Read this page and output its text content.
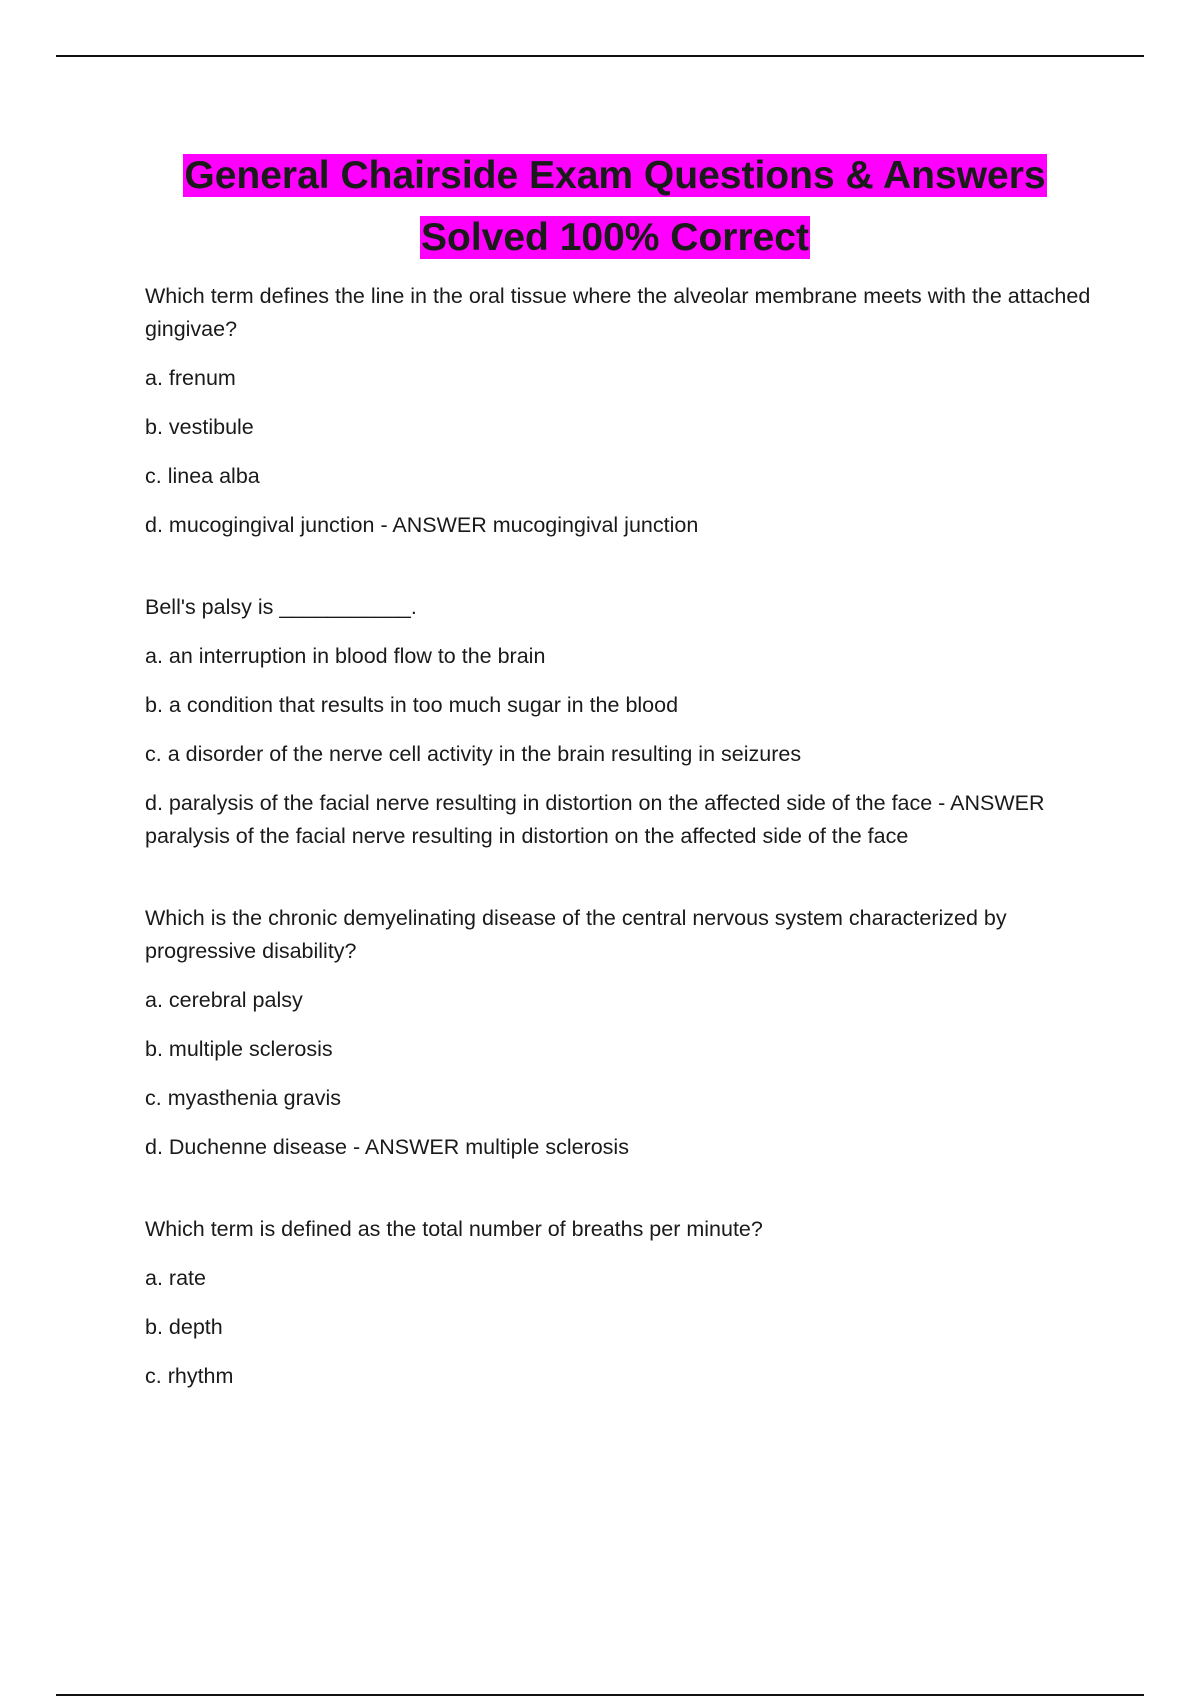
General Chairside Exam Questions & Answers
Solved 100% Correct

Which term defines the line in the oral tissue where the alveolar membrane meets with the attached gingivae?

a. frenum

b. vestibule

c. linea alba

d. mucogingival junction - ANSWER mucogingival junction

Bell's palsy is ___________.

a. an interruption in blood flow to the brain

b. a condition that results in too much sugar in the blood

c. a disorder of the nerve cell activity in the brain resulting in seizures

d. paralysis of the facial nerve resulting in distortion on the affected side of the face - ANSWER paralysis of the facial nerve resulting in distortion on the affected side of the face

Which is the chronic demyelinating disease of the central nervous system characterized by progressive disability?

a. cerebral palsy

b. multiple sclerosis

c. myasthenia gravis

d. Duchenne disease - ANSWER multiple sclerosis

Which term is defined as the total number of breaths per minute?

a. rate

b. depth

c. rhythm
